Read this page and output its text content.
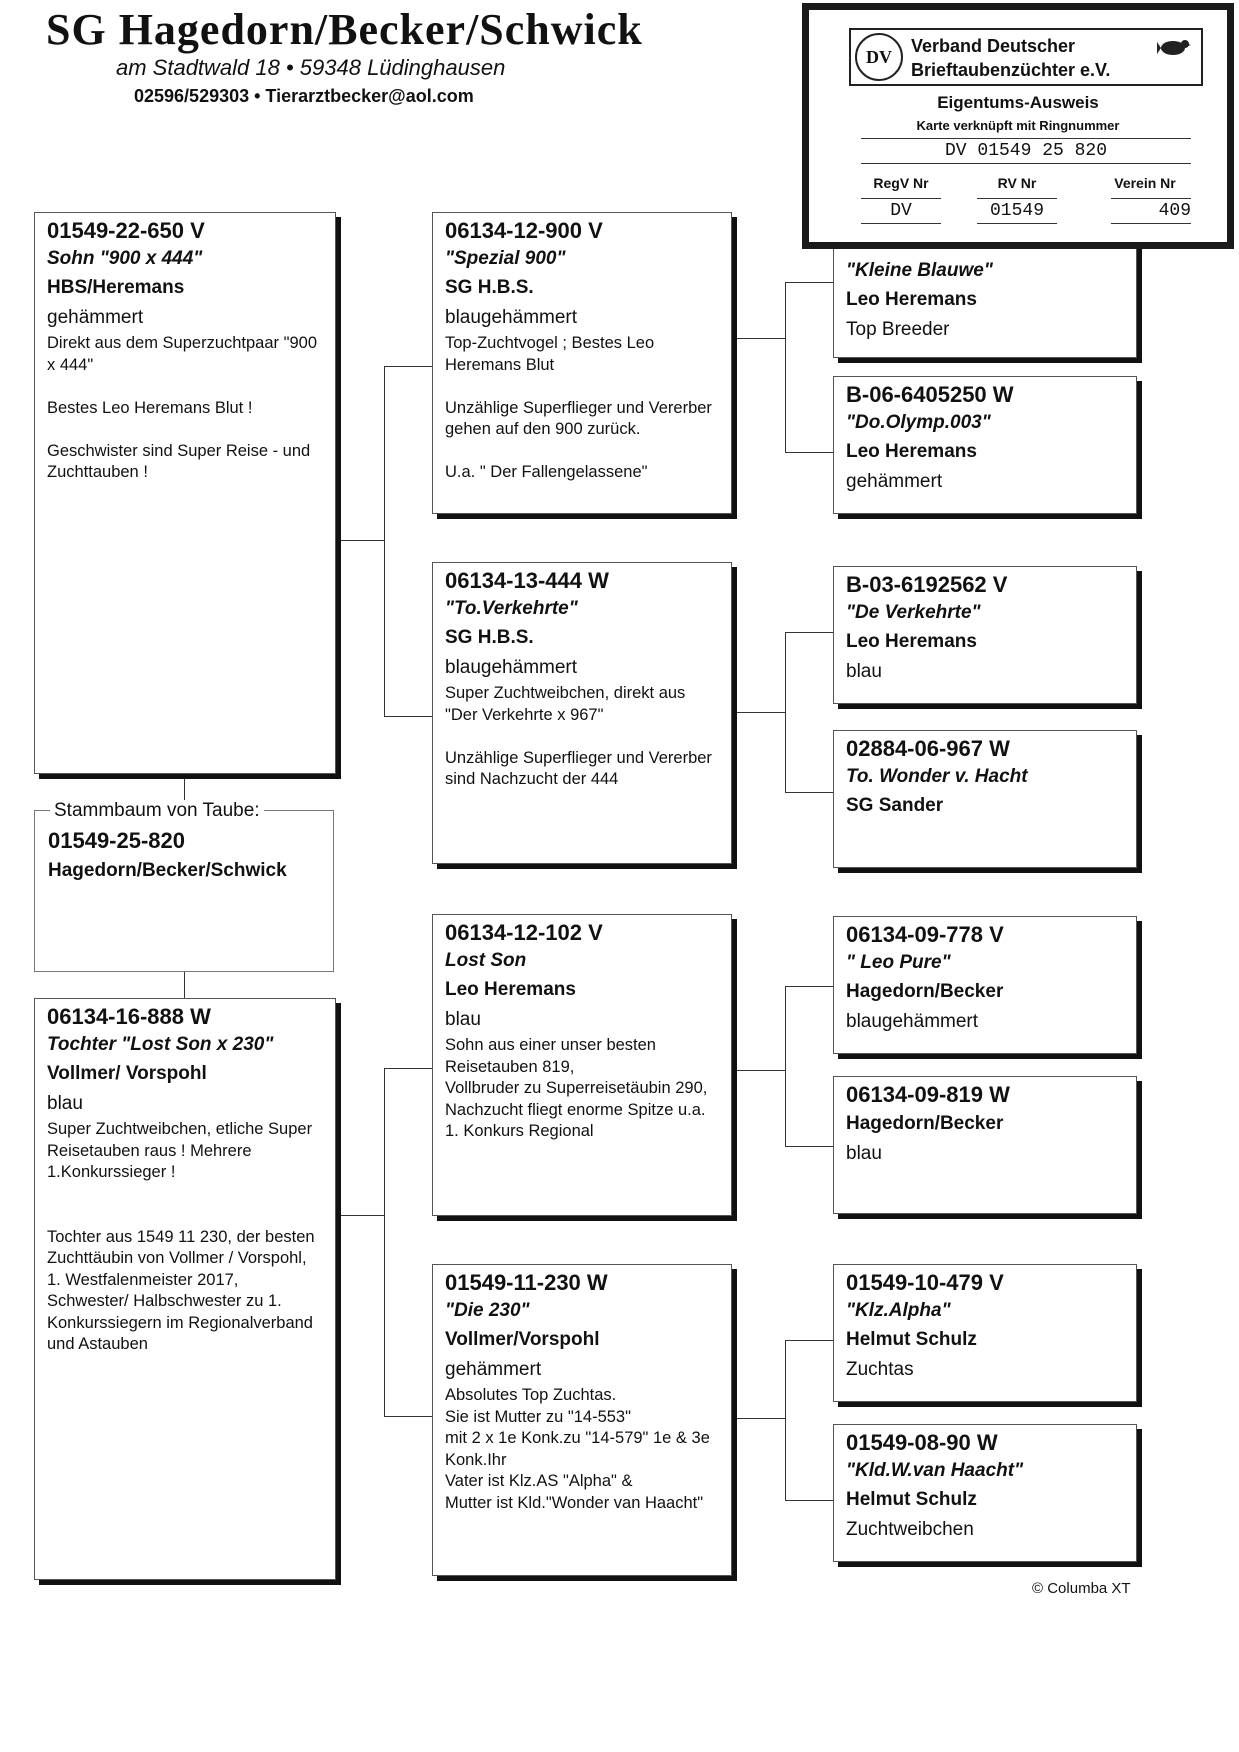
SG Hagedorn/Becker/Schwick
am Stadtwald 18 • 59348 Lüdinghausen
02596/529303 • Tierarztbecker@aol.com
01549-22-650 V
Sohn "900 x 444"
HBS/Heremans
gehämmert
Direkt aus dem Superzuchtpaar "900 x 444"

Bestes Leo Heremans Blut !

Geschwister sind Super Reise - und Zuchttauben !
Stammbaum von Taube:
01549-25-820
Hagedorn/Becker/Schwick
06134-16-888 W
Tochter "Lost Son x 230"
Vollmer/ Vorspohl
blau
Super Zuchtweibchen, etliche Super Reisetauben raus ! Mehrere 1.Konkurssieger !

Tochter aus 1549 11 230, der besten Zuchttäubin von Vollmer / Vorspohl, 1. Westfalenmeister 2017, Schwester/ Halbschwester zu 1. Konkurssiegern im Regionalverband und Astauben
06134-12-900 V
"Spezial 900"
SG H.B.S.
blaugehämmert
Top-Zuchtvogel ; Bestes Leo Heremans Blut

Unzählige Superflieger und Vererber gehen auf den 900 zurück.

U.a. " Der Fallengelassene"
06134-13-444 W
"To.Verkehrte"
SG H.B.S.
blaugehämmert
Super Zuchtweibchen, direkt aus "Der Verkehrte x 967"

Unzählige Superflieger und Vererber sind Nachzucht der 444
06134-12-102 V
Lost Son
Leo Heremans
blau
Sohn aus einer unser besten Reisetauben 819,
Vollbruder zu Superreisetäubin 290,
Nachzucht fliegt enorme Spitze u.a. 1. Konkurs Regional
01549-11-230 W
"Die 230"
Vollmer/Vorspohl
gehämmert
Absolutes Top Zuchtas.
Sie ist Mutter zu "14-553"
mit 2 x 1e Konk.zu "14-579" 1e & 3e Konk.Ihr
Vater ist Klz.AS "Alpha" &
Mutter ist Kld."Wonder van Haacht"
"Kleine Blauwe"
Leo Heremans
Top Breeder
B-06-6405250 W
"Do.Olymp.003"
Leo Heremans
gehämmert
B-03-6192562 V
"De Verkehrte"
Leo Heremans
blau
02884-06-967 W
To. Wonder v. Hacht
SG Sander
06134-09-778 V
" Leo Pure"
Hagedorn/Becker
blaugehämmert
06134-09-819 W
Hagedorn/Becker
blau
01549-10-479 V
"Klz.Alpha"
Helmut Schulz
Zuchtas
01549-08-90 W
"Kld.W.van Haacht"
Helmut Schulz
Zuchtweibchen
DV
Verband Deutscher
Brieftaubenzüchter e.V.
Eigentums-Ausweis
Karte verknüpft mit Ringnummer
DV 01549 25 820
RegV Nr	RV Nr	Verein Nr
DV	01549	409
© Columba XT
